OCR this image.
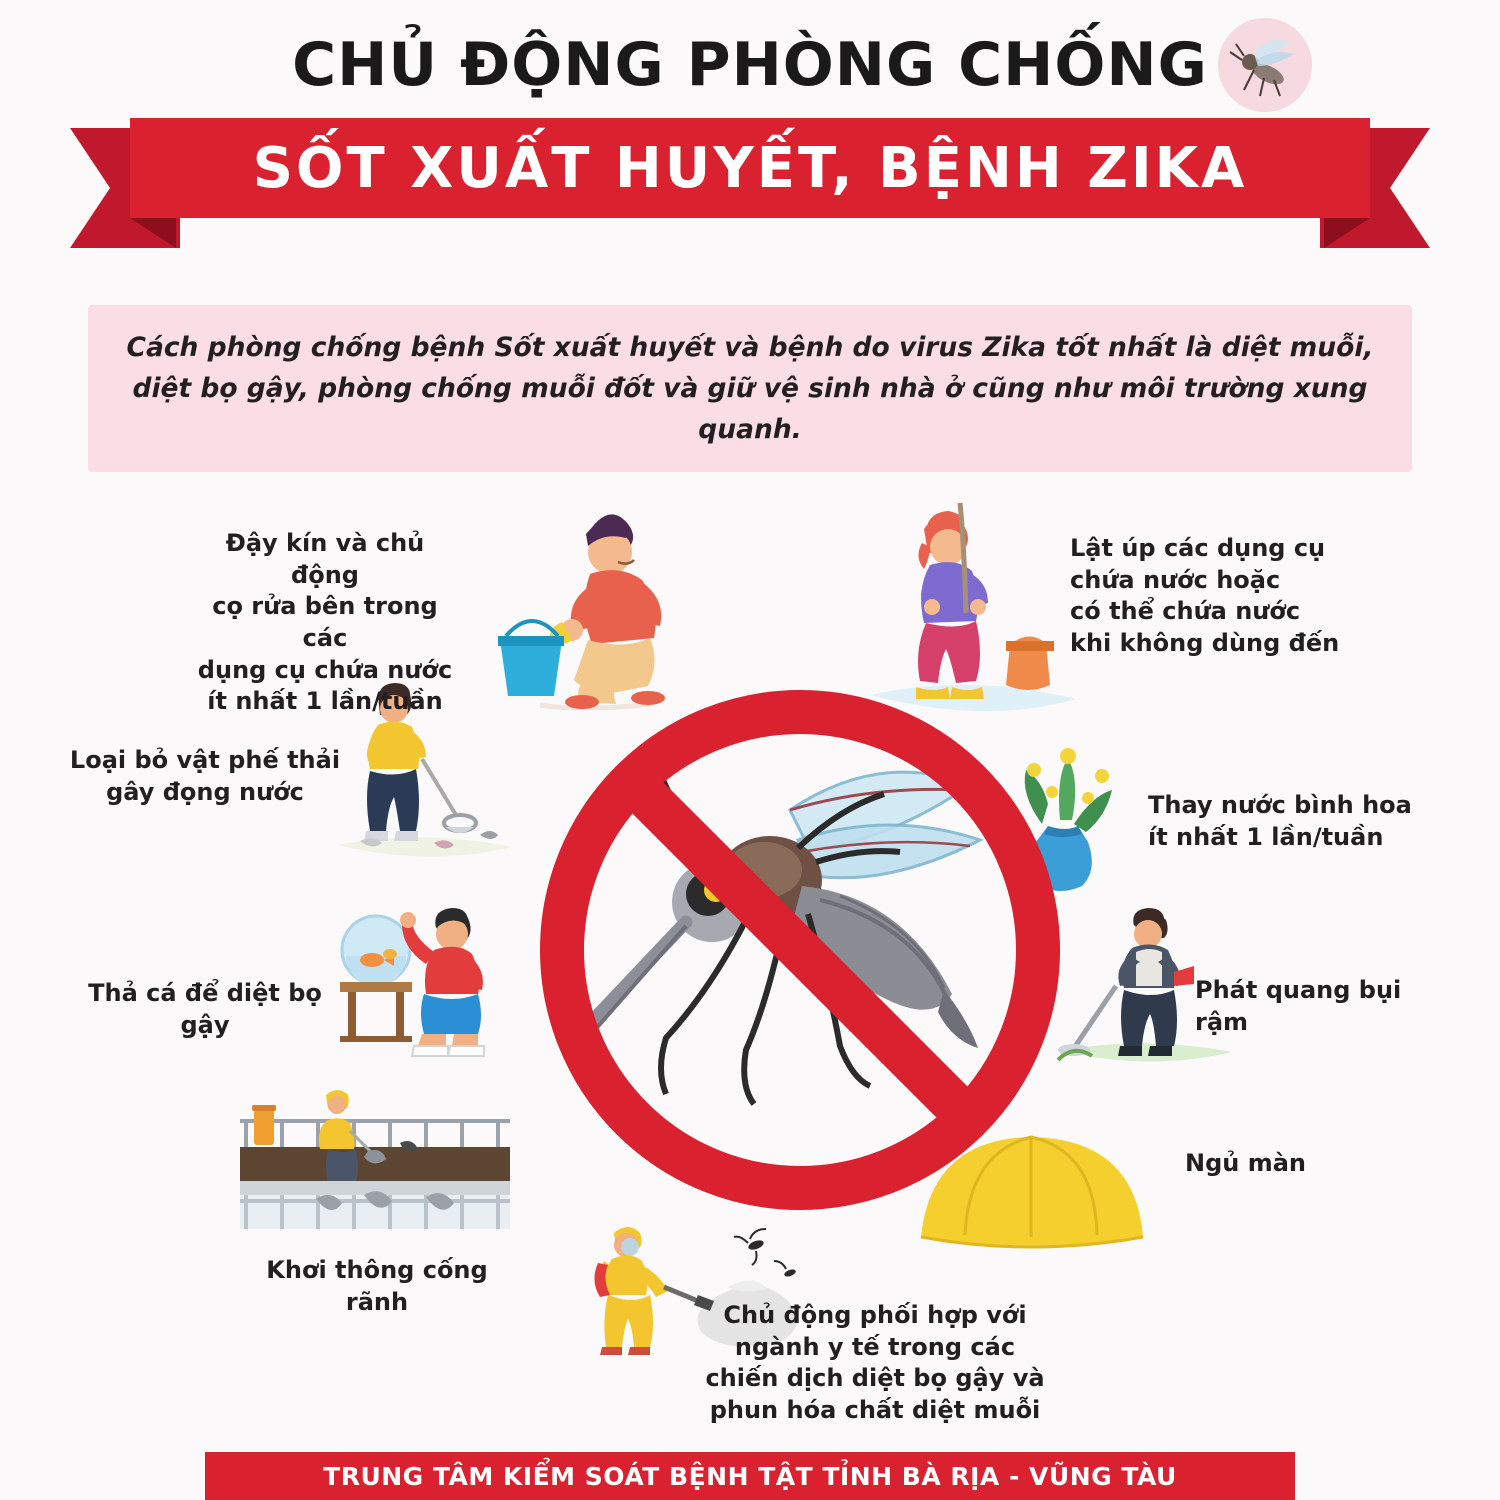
CHỦ ĐỘNG PHÒNG CHỐNG
SỐT XUẤT HUYẾT, BỆNH ZIKA

Cách phòng chống bệnh Sốt xuất huyết và bệnh do virus Zika tốt nhất là diệt muỗi, diệt bọ gậy, phòng chống muỗi đốt và giữ vệ sinh nhà ở cũng như môi trường xung quanh.

Đậy kín và chủ động
cọ rửa bên trong các
dụng cụ chứa nước
ít nhất 1 lần/tuần
Lật úp các dụng cụ
chứa nước hoặc
có thể chứa nước
khi không dùng đến
Loại bỏ vật phế thải
gây đọng nước	Thay nước bình hoa
ít nhất 1 lần/tuần
Thả cá để diệt bọ gậy
Phát quang bụi rậm
Ngủ màn
Khơi thông cống rãnh	Chủ động phối hợp với
ngành y tế trong các
chiến dịch diệt bọ gậy và
phun hóa chất diệt muỗi
TRUNG TÂM KIỂM SOÁT BỆNH TẬT TỈNH BÀ RỊA - VŨNG TÀU
